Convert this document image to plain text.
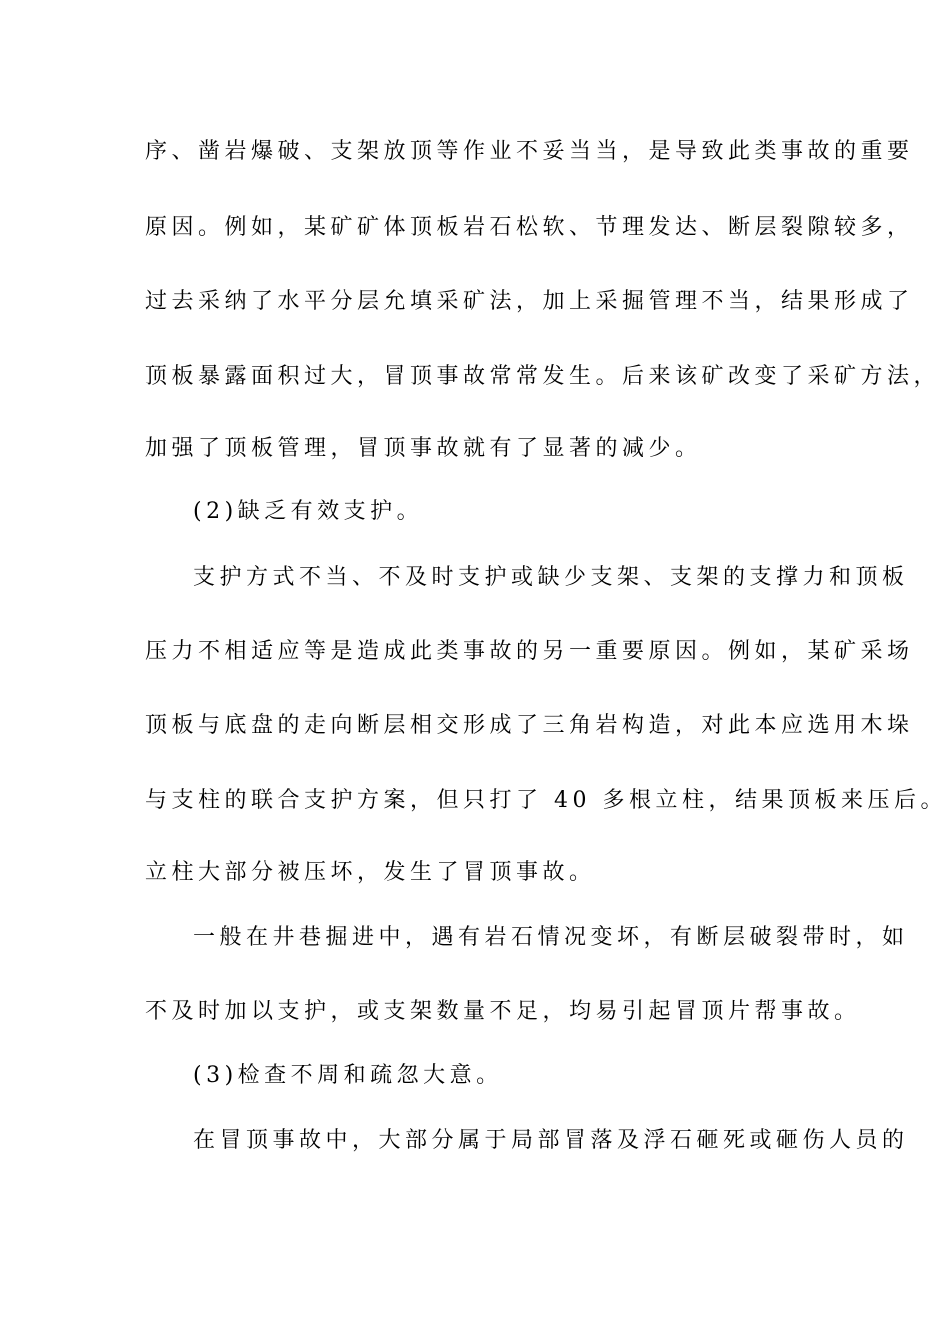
序、凿岩爆破、支架放顶等作业不妥当当，是导致此类事故的重要
原因。例如，某矿矿体顶板岩石松软、节理发达、断层裂隙较多，
过去采纳了水平分层允填采矿法，加上采掘管理不当，结果形成了
顶板暴露面积过大，冒顶事故常常发生。后来该矿改变了采矿方法，
加强了顶板管理，冒顶事故就有了显著的减少。
(2)缺乏有效支护。
支护方式不当、不及时支护或缺少支架、支架的支撑力和顶板
压力不相适应等是造成此类事故的另一重要原因。例如，某矿采场
顶板与底盘的走向断层相交形成了三角岩构造，对此本应选用木垛
与支柱的联合支护方案，但只打了 40 多根立柱，结果顶板来压后。
立柱大部分被压坏，发生了冒顶事故。
一般在井巷掘进中，遇有岩石情况变坏，有断层破裂带时，如
不及时加以支护，或支架数量不足，均易引起冒顶片帮事故。
(3)检查不周和疏忽大意。
在冒顶事故中，大部分属于局部冒落及浮石砸死或砸伤人员的
